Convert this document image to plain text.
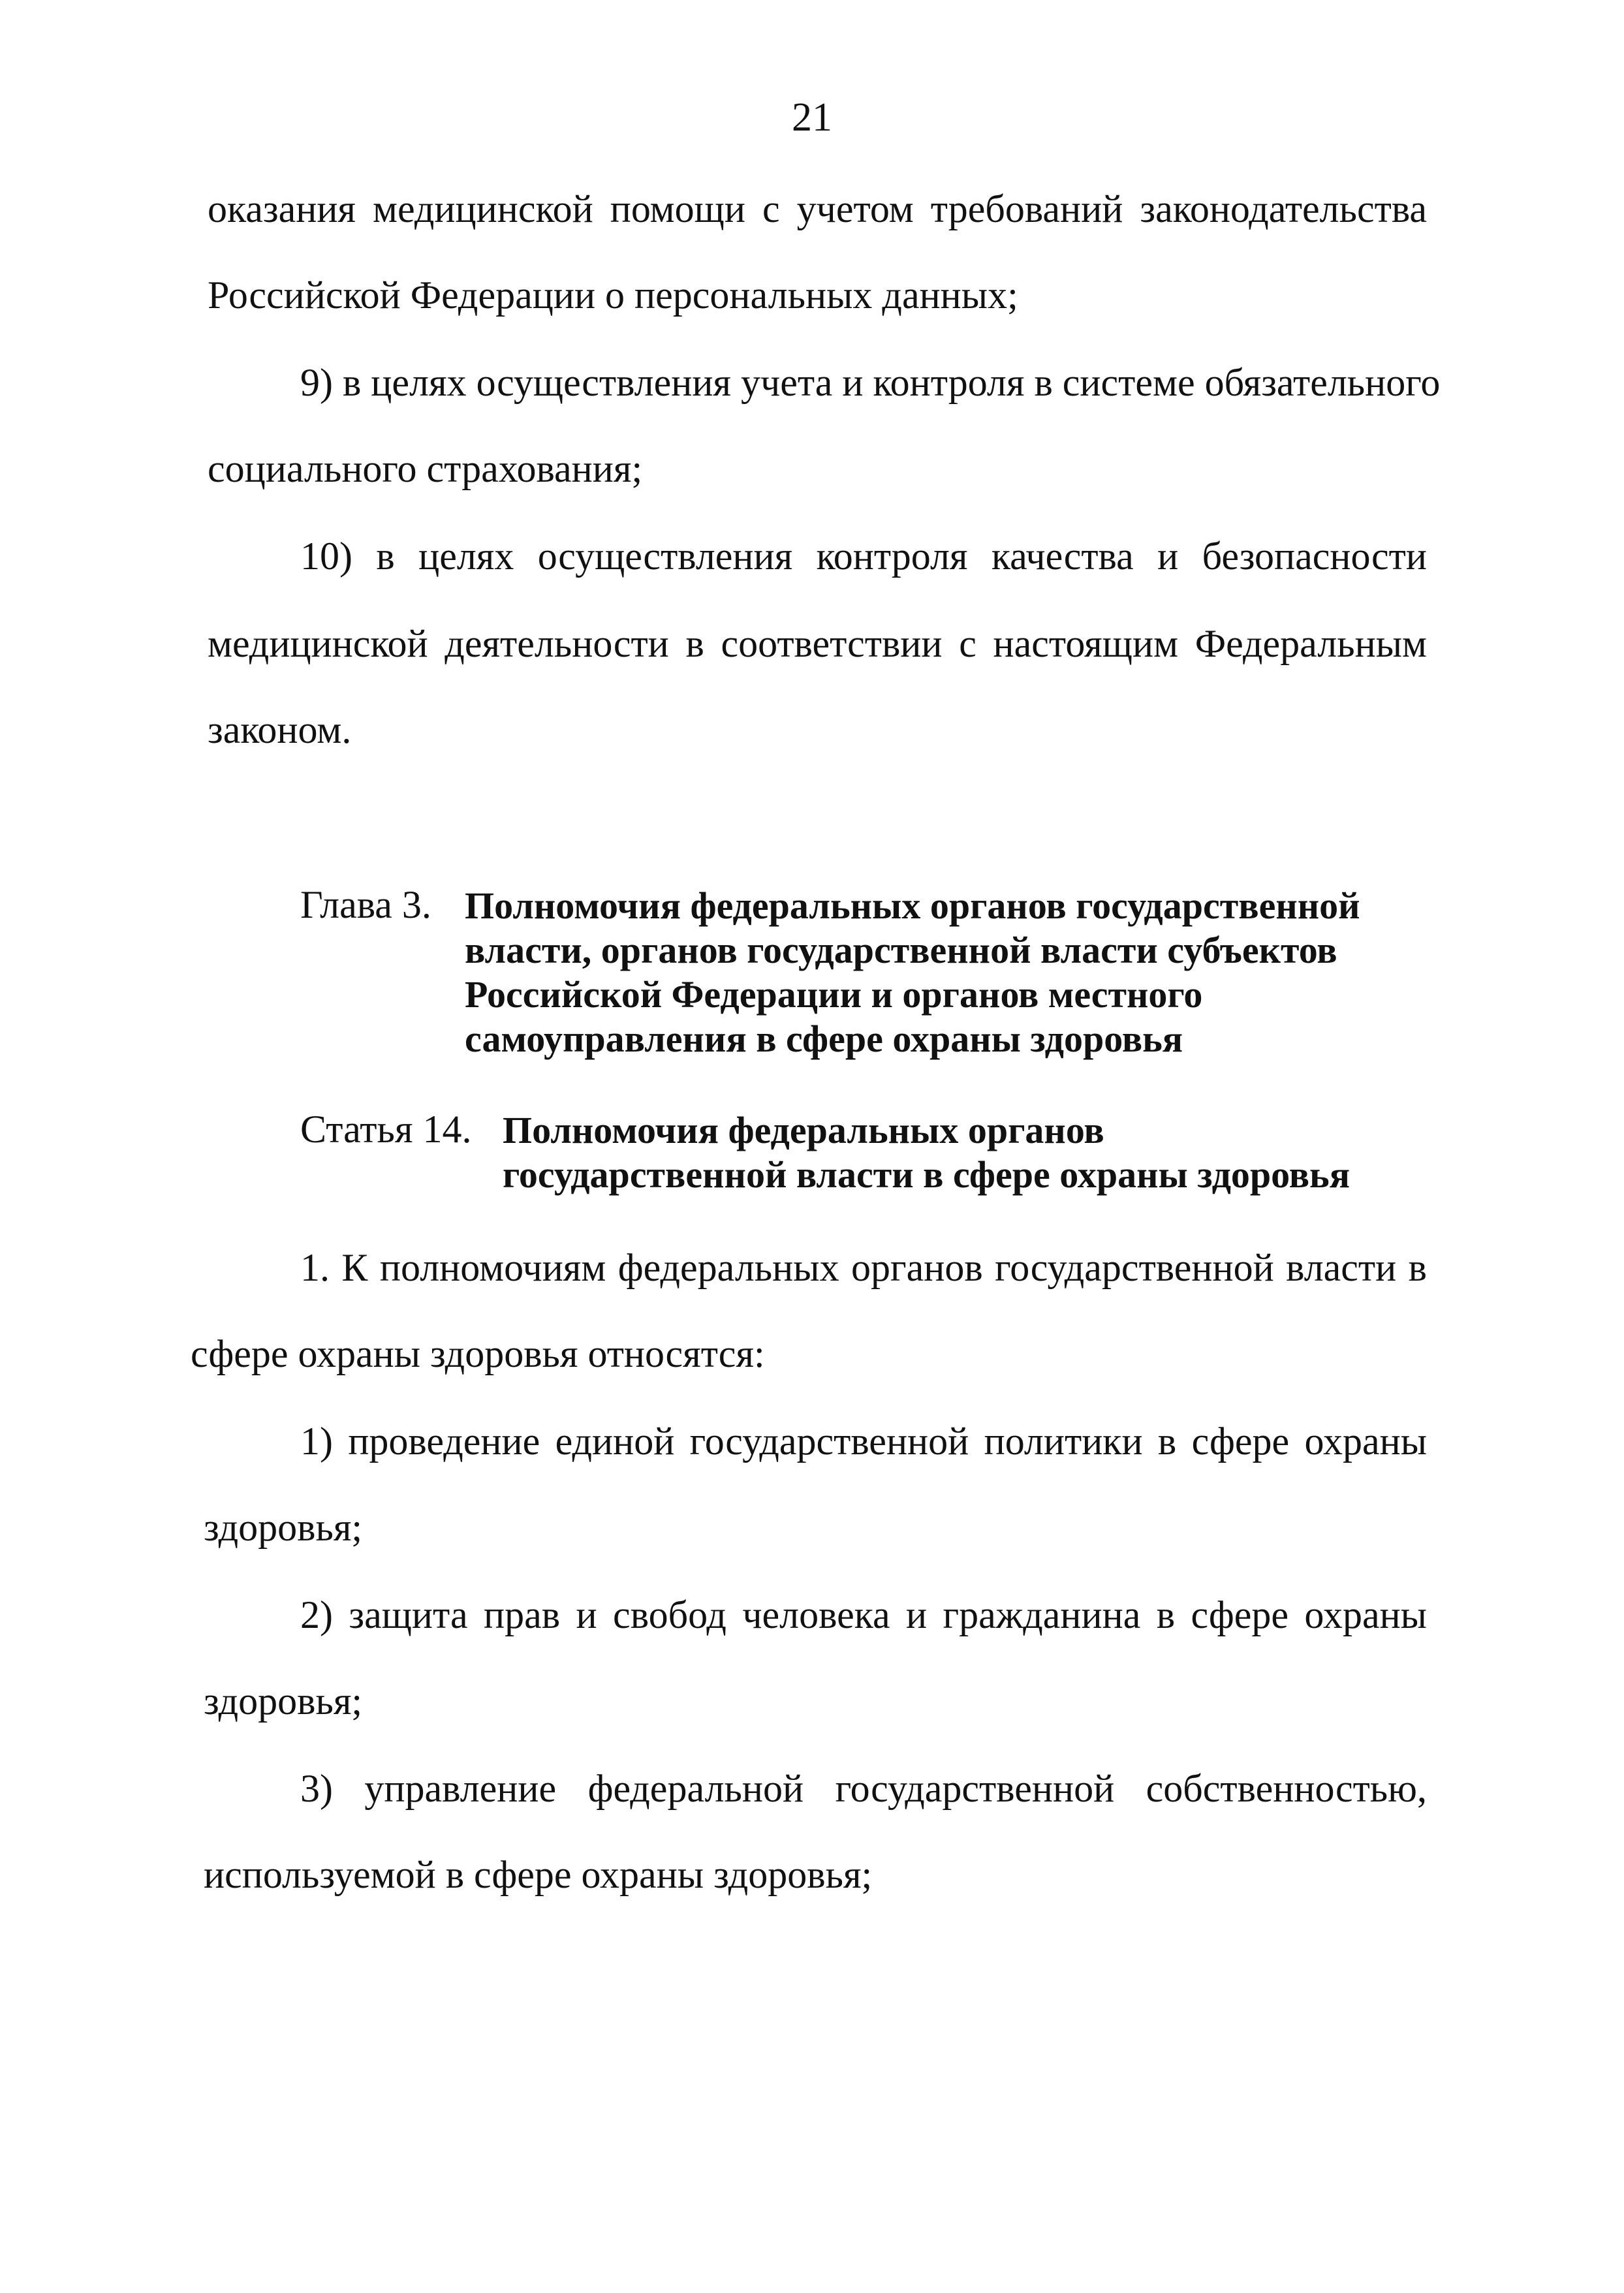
21
оказания медицинской помощи с учетом требований законодательства
Российской Федерации о персональных данных;
9) в целях осуществления учета и контроля в системе обязательного
социального страхования;
10) в целях осуществления контроля качества и безопасности
медицинской деятельности в соответствии с настоящим Федеральным
законом.
Глава 3. Полномочия федеральных органов государственной
власти, органов государственной власти субъектов
Российской Федерации и органов местного
самоуправления в сфере охраны здоровья
Статья 14. Полномочия федеральных органов
государственной власти в сфере охраны здоровья
1. К полномочиям федеральных органов государственной власти в
сфере охраны здоровья относятся:
1) проведение единой государственной политики в сфере охраны
здоровья;
2) защита прав и свобод человека и гражданина в сфере охраны
здоровья;
3) управление федеральной государственной собственностью,
используемой в сфере охраны здоровья;
